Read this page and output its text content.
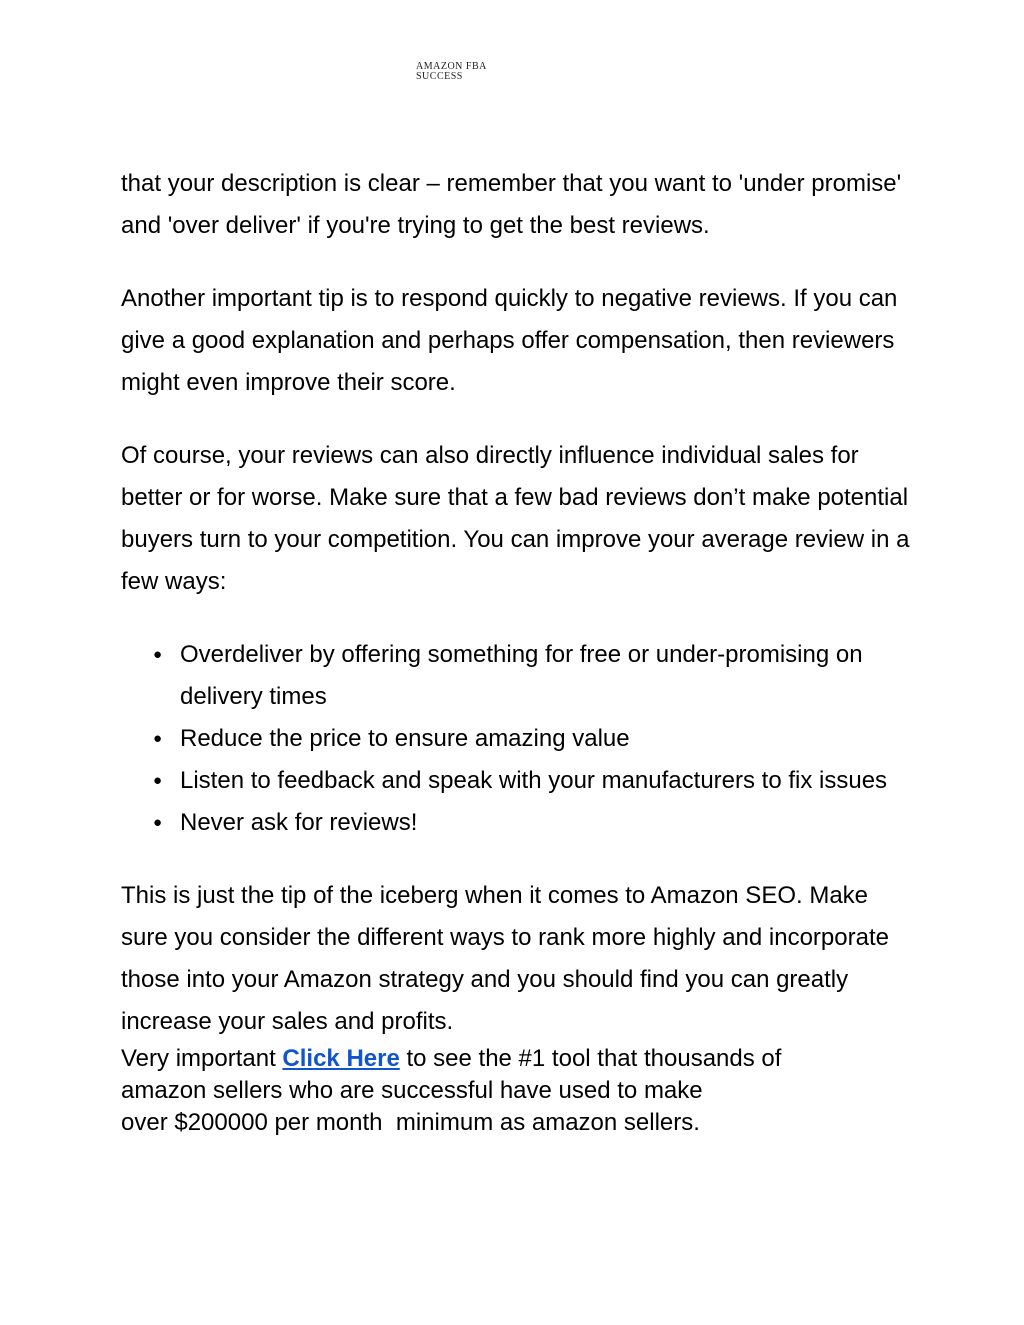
AMAZON FBA
SUCCESS

that your description is clear – remember that you want to 'under promise' and 'over deliver' if you're trying to get the best reviews.

Another important tip is to respond quickly to negative reviews. If you can give a good explanation and perhaps offer compensation, then reviewers might even improve their score.

Of course, your reviews can also directly influence individual sales for better or for worse. Make sure that a few bad reviews don’t make potential buyers turn to your competition. You can improve your average review in a few ways:

● Overdeliver by offering something for free or under-promising on delivery times
● Reduce the price to ensure amazing value
● Listen to feedback and speak with your manufacturers to fix issues
● Never ask for reviews!

This is just the tip of the iceberg when it comes to Amazon SEO. Make sure you consider the different ways to rank more highly and incorporate those into your Amazon strategy and you should find you can greatly increase your sales and profits.

Very important Click Here to see the #1 tool that thousands of
amazon sellers who are successful have used to make
over $200000 per month  minimum as amazon sellers.
